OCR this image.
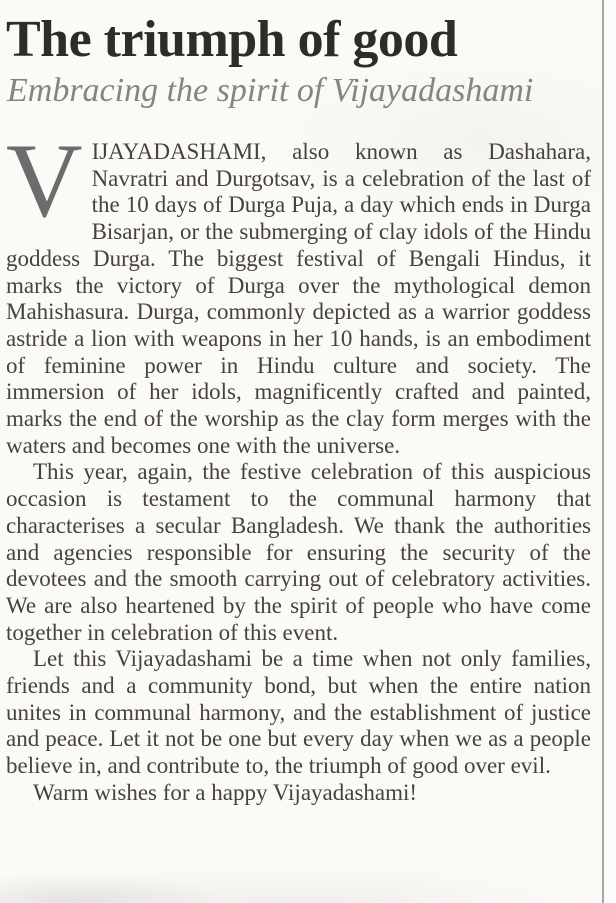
The triumph of good
Embracing the spirit of Vijayadashami

VIJAYADASHAMI, also known as Dashahara, Navratri and Durgotsav, is a celebration of the last of the 10 days of Durga Puja, a day which ends in Durga Bisarjan, or the submerging of clay idols of the Hindu goddess Durga. The biggest festival of Bengali Hindus, it marks the victory of Durga over the mythological demon Mahishasura. Durga, commonly depicted as a warrior goddess astride a lion with weapons in her 10 hands, is an embodiment of feminine power in Hindu culture and society. The immersion of her idols, magnificently crafted and painted, marks the end of the worship as the clay form merges with the waters and becomes one with the universe.

This year, again, the festive celebration of this auspicious occasion is testament to the communal harmony that characterises a secular Bangladesh. We thank the authorities and agencies responsible for ensuring the security of the devotees and the smooth carrying out of celebratory activities. We are also heartened by the spirit of people who have come together in celebration of this event.

Let this Vijayadashami be a time when not only families, friends and a community bond, but when the entire nation unites in communal harmony, and the establishment of justice and peace. Let it not be one but every day when we as a people believe in, and contribute to, the triumph of good over evil.

Warm wishes for a happy Vijayadashami!
